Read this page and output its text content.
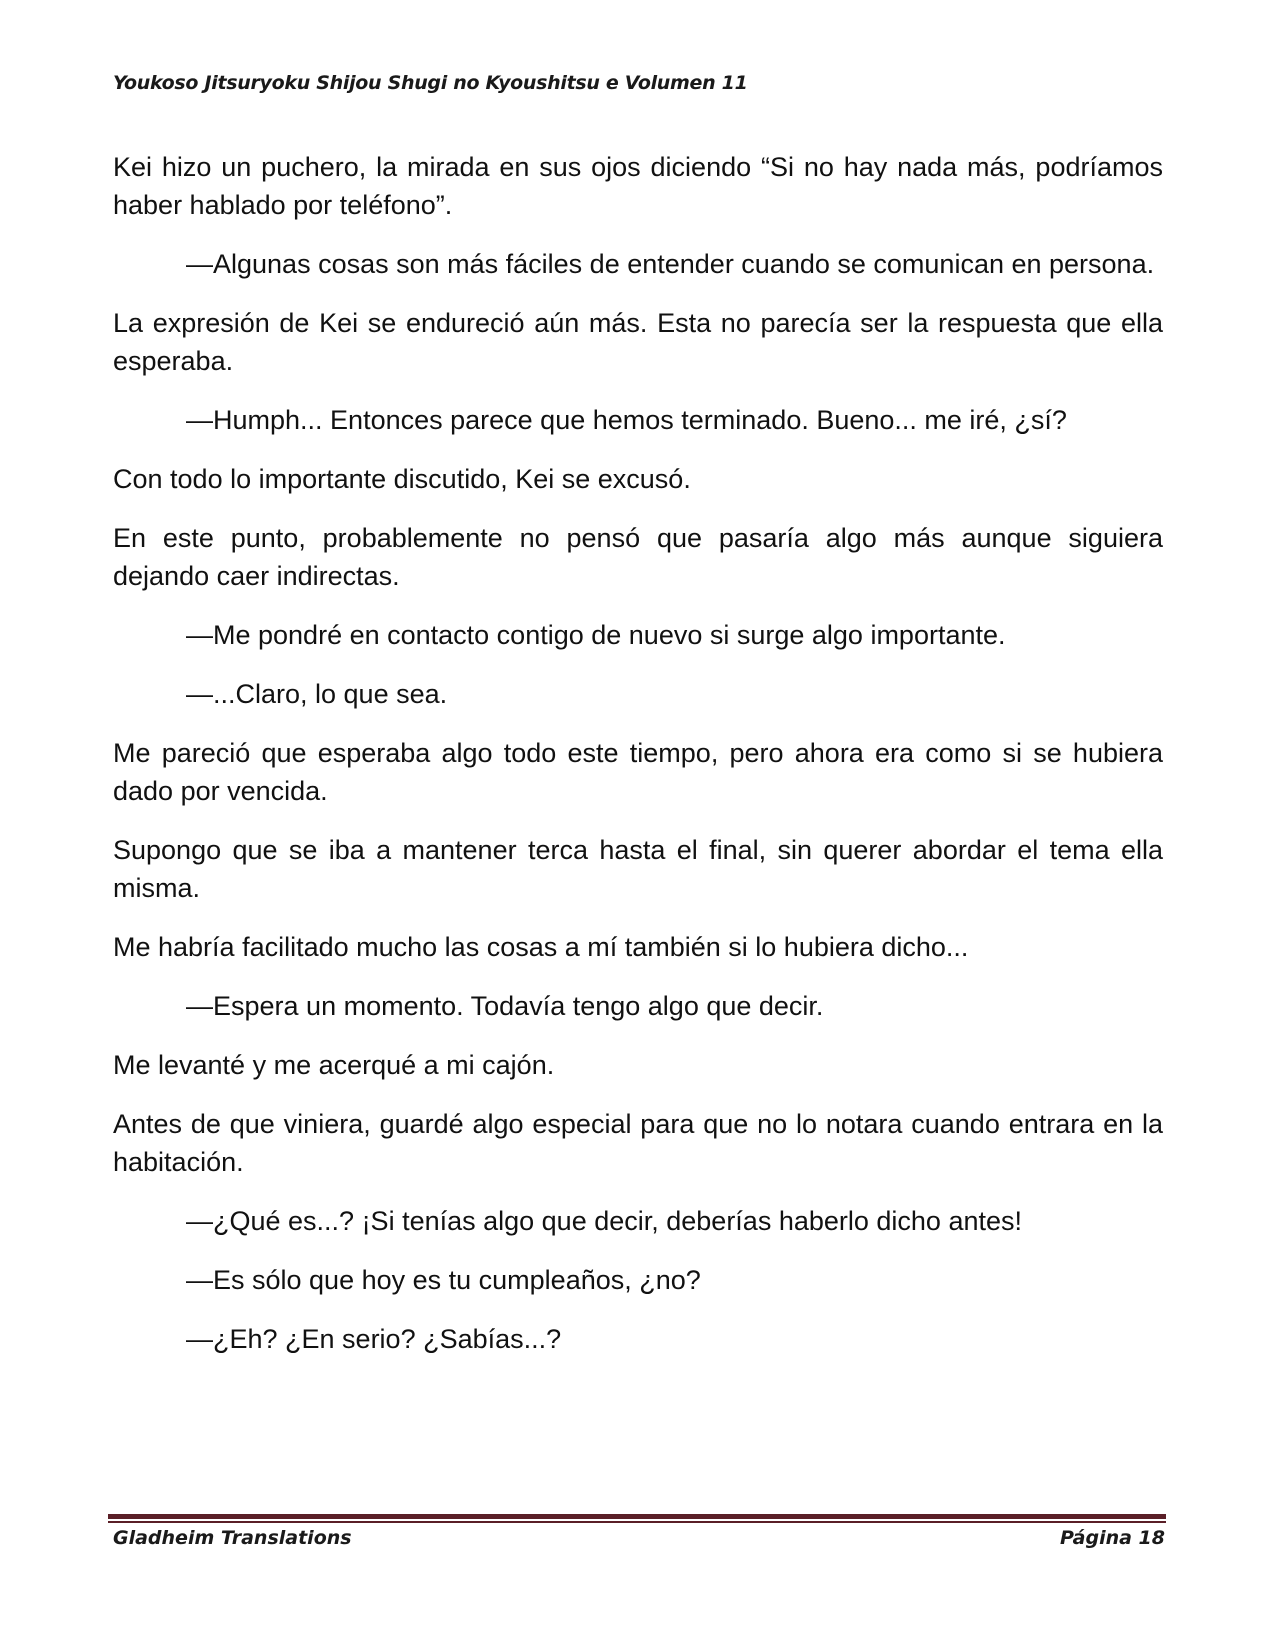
Youkoso Jitsuryoku Shijou Shugi no Kyoushitsu e Volumen 11

Kei hizo un puchero, la mirada en sus ojos diciendo “Si no hay nada más, podríamos haber hablado por teléfono”.

—Algunas cosas son más fáciles de entender cuando se comunican en persona.

La expresión de Kei se endureció aún más. Esta no parecía ser la respuesta que ella esperaba.

—Humph... Entonces parece que hemos terminado. Bueno... me iré, ¿sí?

Con todo lo importante discutido, Kei se excusó.

En este punto, probablemente no pensó que pasaría algo más aunque siguiera dejando caer indirectas.

—Me pondré en contacto contigo de nuevo si surge algo importante.

—...Claro, lo que sea.

Me pareció que esperaba algo todo este tiempo, pero ahora era como si se hubiera dado por vencida.

Supongo que se iba a mantener terca hasta el final, sin querer abordar el tema ella misma.

Me habría facilitado mucho las cosas a mí también si lo hubiera dicho...

—Espera un momento. Todavía tengo algo que decir.

Me levanté y me acerqué a mi cajón.

Antes de que viniera, guardé algo especial para que no lo notara cuando entrara en la habitación.

—¿Qué es...? ¡Si tenías algo que decir, deberías haberlo dicho antes!

—Es sólo que hoy es tu cumpleaños, ¿no?

—¿Eh? ¿En serio? ¿Sabías...?

Gladheim Translations	Página 18
